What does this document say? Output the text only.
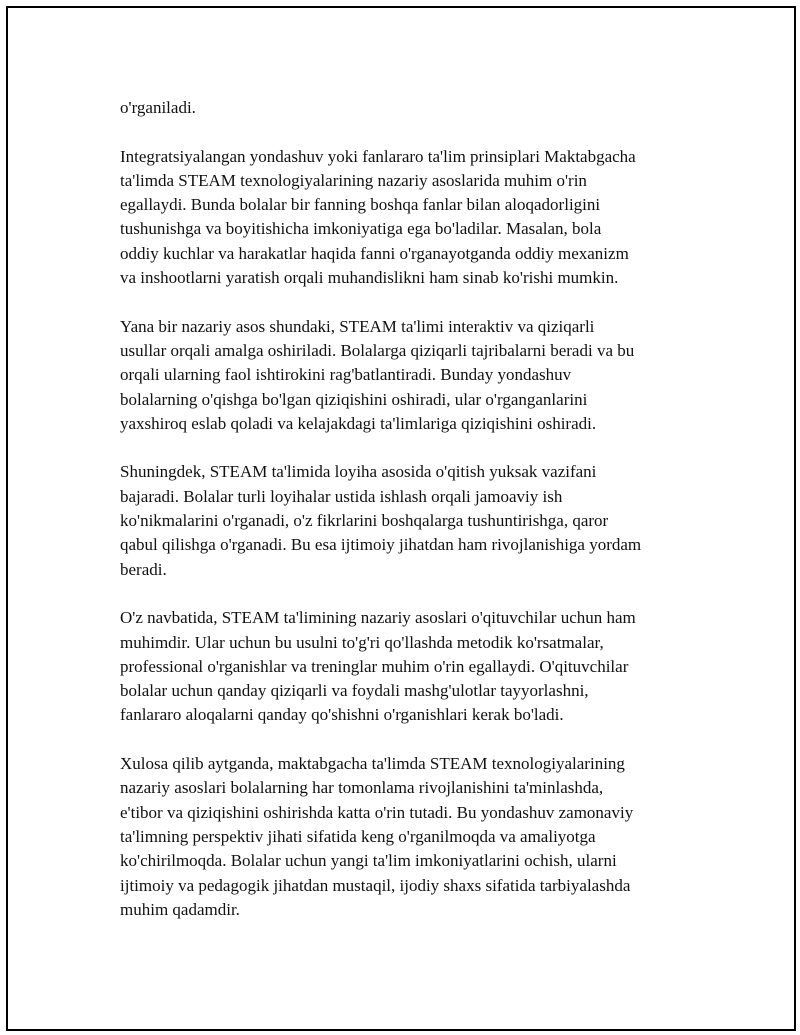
o'rganiladi.

Integratsiyalangan yondashuv yoki fanlararo ta'lim prinsiplari Maktabgacha
ta'limda STEAM texnologiyalarining nazariy asoslarida muhim o'rin
egallaydi. Bunda bolalar bir fanning boshqa fanlar bilan aloqadorligini
tushunishga va boyitishicha imkoniyatiga ega bo'ladilar. Masalan, bola
oddiy kuchlar va harakatlar haqida fanni o'rganayotganda oddiy mexanizm
va inshootlarni yaratish orqali muhandislikni ham sinab ko'rishi mumkin.

Yana bir nazariy asos shundaki, STEAM ta'limi interaktiv va qiziqarli
usullar orqali amalga oshiriladi. Bolalarga qiziqarli tajribalarni beradi va bu
orqali ularning faol ishtirokini rag'batlantiradi. Bunday yondashuv
bolalarning o'qishga bo'lgan qiziqishini oshiradi, ular o'rganganlarini
yaxshiroq eslab qoladi va kelajakdagi ta'limlariga qiziqishini oshiradi.

Shuningdek, STEAM ta'limida loyiha asosida o'qitish yuksak vazifani
bajaradi. Bolalar turli loyihalar ustida ishlash orqali jamoaviy ish
ko'nikmalarini o'rganadi, o'z fikrlarini boshqalarga tushuntirishga, qaror
qabul qilishga o'rganadi. Bu esa ijtimoiy jihatdan ham rivojlanishiga yordam
beradi.

O'z navbatida, STEAM ta'limining nazariy asoslari o'qituvchilar uchun ham
muhimdir. Ular uchun bu usulni to'g'ri qo'llashda metodik ko'rsatmalar,
professional o'rganishlar va treninglar muhim o'rin egallaydi. O'qituvchilar
bolalar uchun qanday qiziqarli va foydali mashg'ulotlar tayyorlashni,
fanlararo aloqalarni qanday qo'shishni o'rganishlari kerak bo'ladi.

Xulosa qilib aytganda, maktabgacha ta'limda STEAM texnologiyalarining
nazariy asoslari bolalarning har tomonlama rivojlanishini ta'minlashda,
e'tibor va qiziqishini oshirishda katta o'rin tutadi. Bu yondashuv zamonaviy
ta'limning perspektiv jihati sifatida keng o'rganilmoqda va amaliyotga
ko'chirilmoqda. Bolalar uchun yangi ta'lim imkoniyatlarini ochish, ularni
ijtimoiy va pedagogik jihatdan mustaqil, ijodiy shaxs sifatida tarbiyalashda
muhim qadamdir.
